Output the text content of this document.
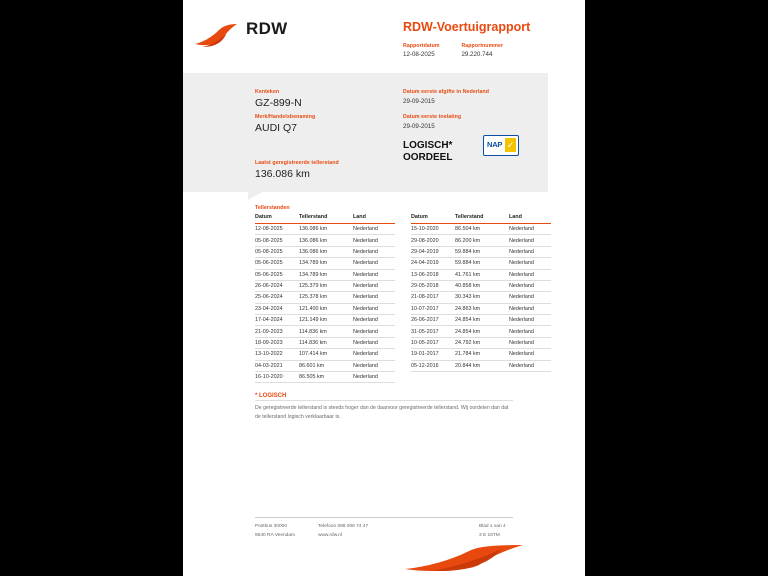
RDW	RDW-Voertuigrapport
Rapportdatum
12-08-2025

Rapportnummer
29.220.744
Kenteken
GZ-899-N
Merk/Handelsbenaming
AUDI Q7
Laatst geregistreerde tellerstand
136.086 km
Datum eerste afgifte in Nederland
29-09-2015
Datum eerste toelating
29-09-2015
LOGISCH*
OORDEEL
NAP ✓
Tellerstanden
Datum	Tellerstand	Land
12-08-2025	136.086 km	Nederland
05-08-2025	136.086 km	Nederland
05-08-2025	136.086 km	Nederland
05-06-2025	134.789 km	Nederland
05-06-2025	134.789 km	Nederland
26-06-2024	125.379 km	Nederland
25-06-2024	125.378 km	Nederland
23-04-2024	121.400 km	Nederland
17-04-2024	121.149 km	Nederland
21-09-2023	114.836 km	Nederland
18-09-2023	114.836 km	Nederland
13-10-2022	107.414 km	Nederland
04-03-2021	86.601 km	Nederland
16-10-2020	86.505 km	Nederland
Datum	Tellerstand	Land
15-10-2020	86.504 km	Nederland
29-08-2020	86.200 km	Nederland
29-04-2019	59.884 km	Nederland
24-04-2019	59.884 km	Nederland
13-06-2018	41.761 km	Nederland
29-05-2018	40.858 km	Nederland
21-08-2017	30.343 km	Nederland
10-07-2017	24.863 km	Nederland
26-06-2017	24.854 km	Nederland
31-05-2017	24.854 km	Nederland
10-05-2017	24.792 km	Nederland
19-01-2017	21.784 km	Nederland
05-12-2016	20.844 km	Nederland
* LOGISCH
De geregistreerde tellerstand is steeds hoger dan de daarvoor geregistreerde tellerstand. Wij oordelen dan dat de tellerstand logisch verklaarbaar is.
Postbus 30000
9640 RA Veendam
Telefoon 088 008 74 47
www.rdw.nl
Blad 1 van 4
3 E 16TM
